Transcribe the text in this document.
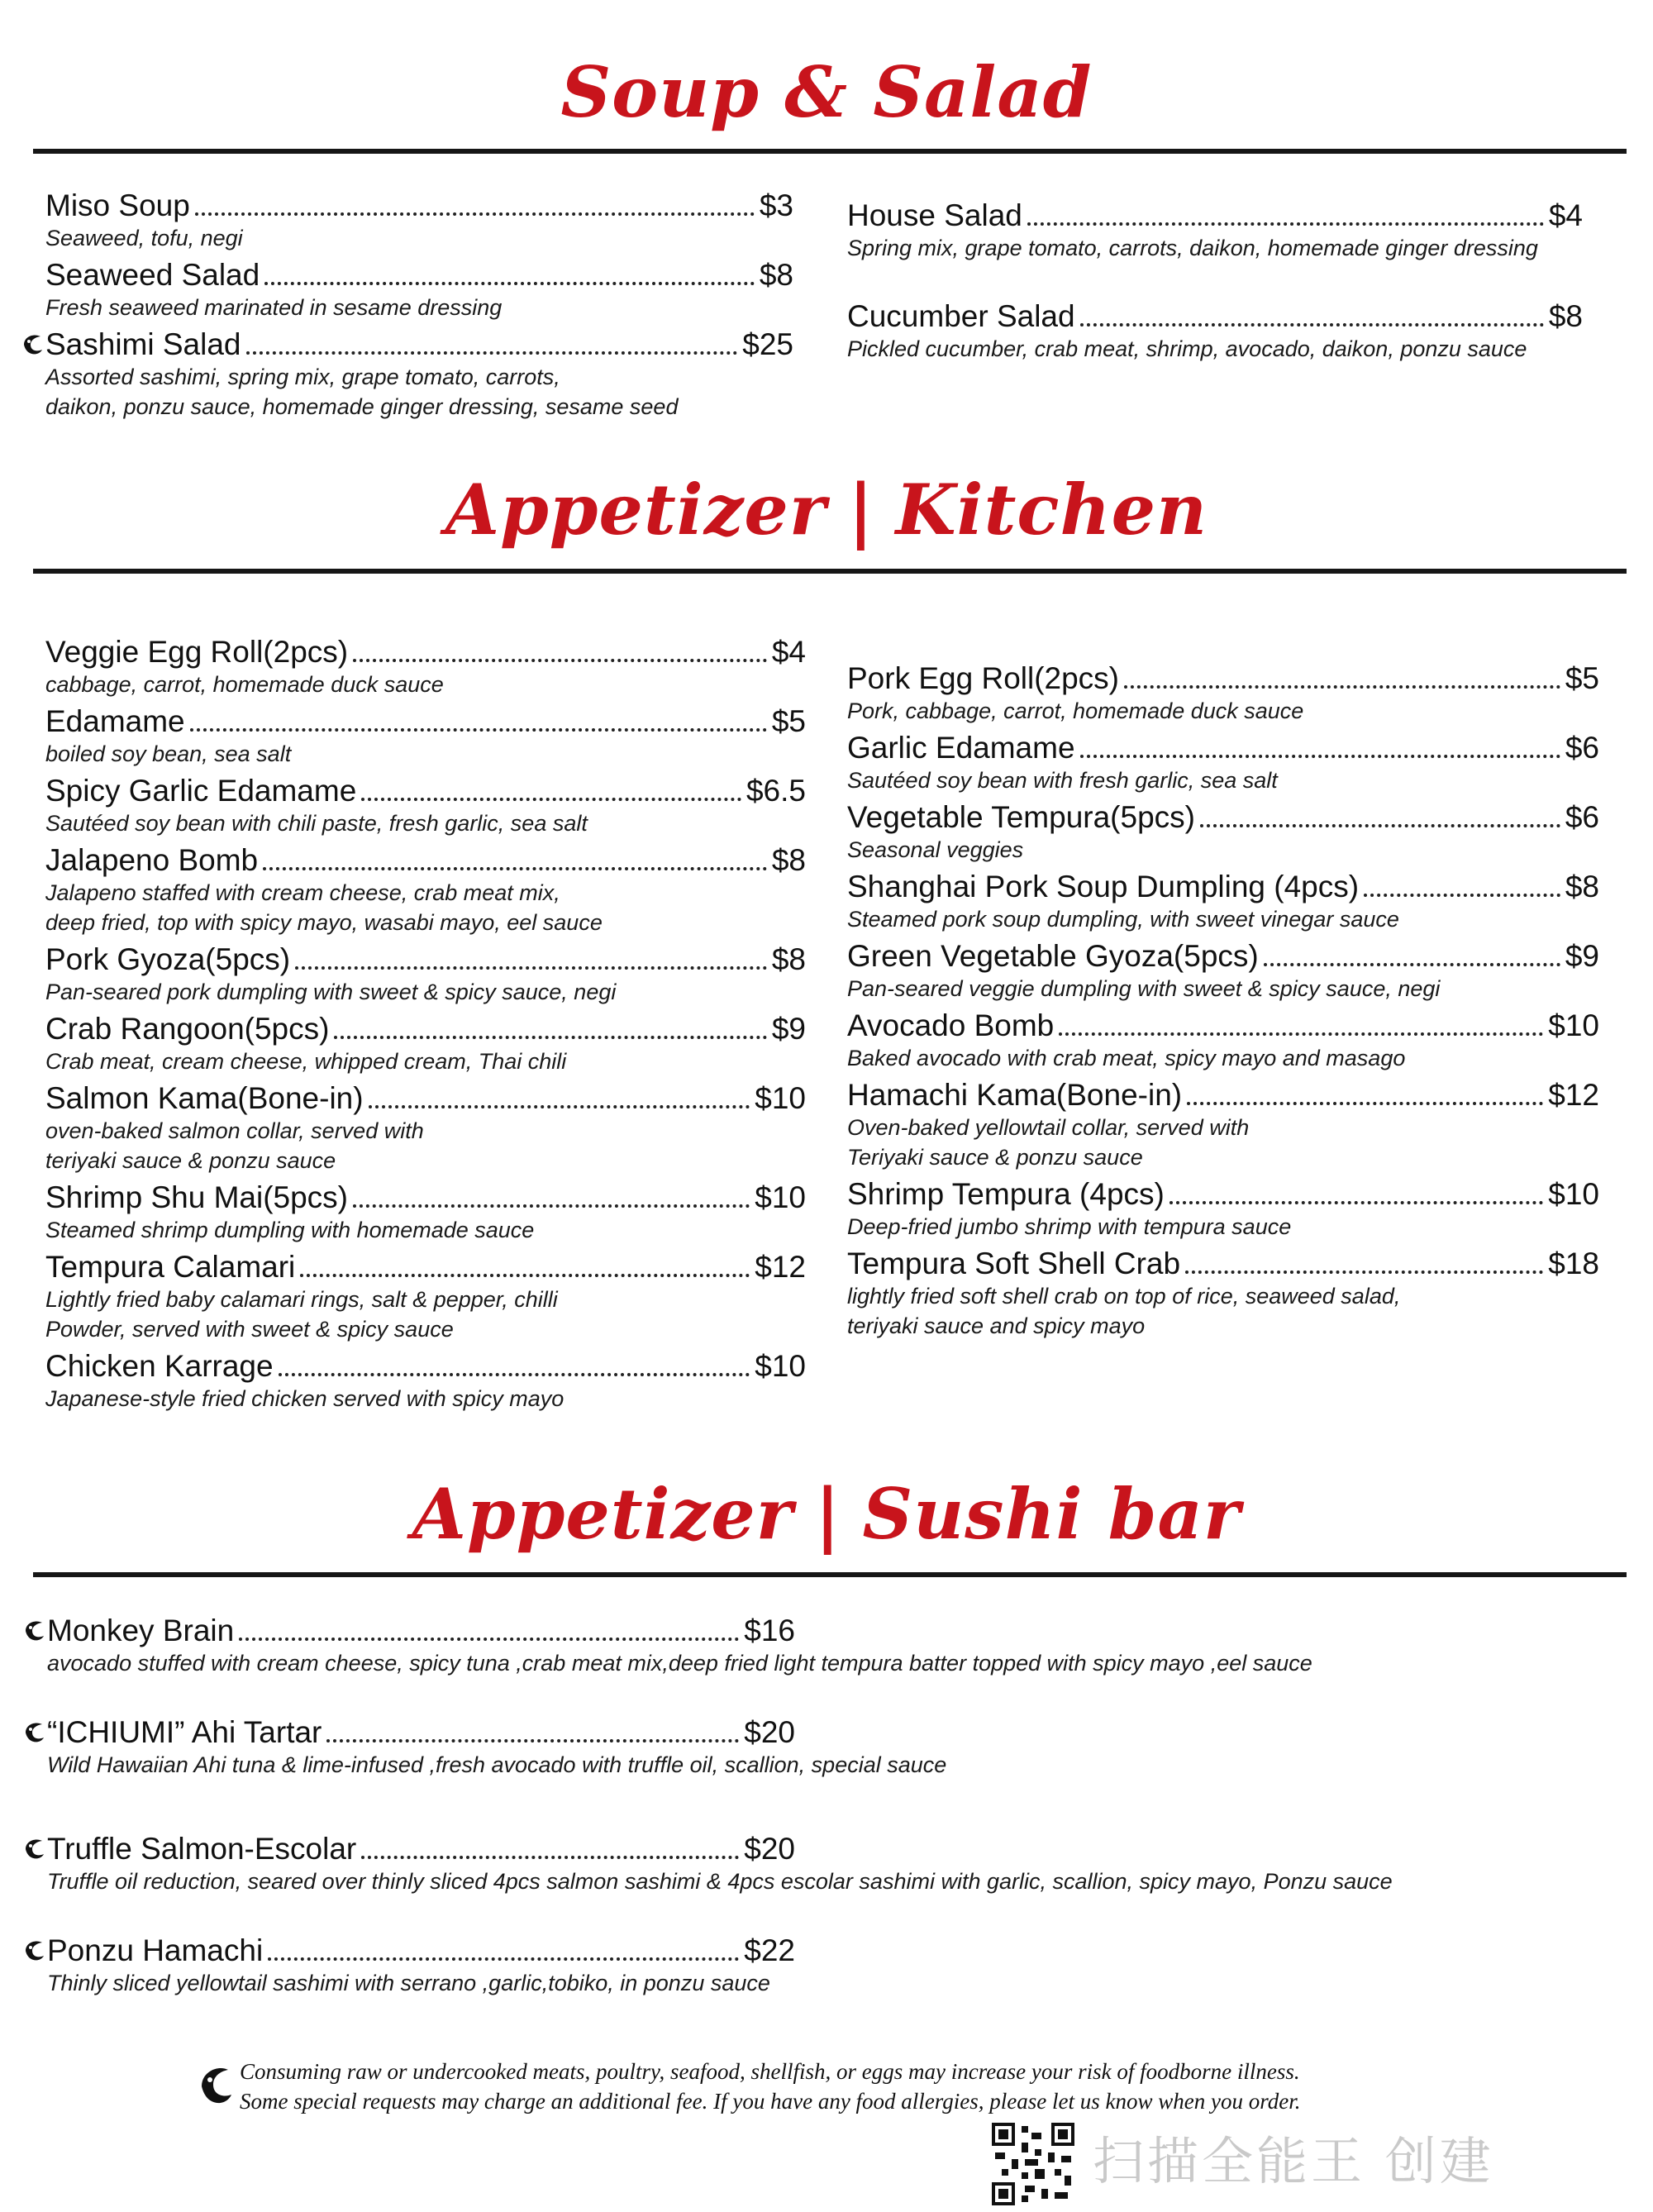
Soup & Salad
Miso Soup	$3
Seaweed, tofu, negi
Seaweed Salad	$8
Fresh seaweed marinated in sesame dressing
Sashimi Salad	$25
Assorted sashimi, spring mix, grape tomato, carrots,
daikon, ponzu sauce, homemade ginger dressing, sesame seed
House Salad	$4
Spring mix, grape tomato, carrots, daikon, homemade ginger dressing
Cucumber Salad	$8
Pickled cucumber, crab meat, shrimp, avocado, daikon, ponzu sauce
Appetizer | Kitchen
Veggie Egg Roll(2pcs)	$4
cabbage, carrot, homemade duck sauce
Edamame	$5
boiled soy bean, sea salt
Spicy Garlic Edamame	$6.5
Sautéed soy bean with chili paste, fresh garlic, sea salt
Jalapeno Bomb	$8
Jalapeno staffed with cream cheese, crab meat mix,
deep fried, top with spicy mayo, wasabi mayo, eel sauce
Pork Gyoza(5pcs)	$8
Pan-seared pork dumpling with sweet & spicy sauce, negi
Crab Rangoon(5pcs)	$9
Crab meat, cream cheese, whipped cream, Thai chili
Salmon Kama(Bone-in)	$10
oven-baked salmon collar, served with
teriyaki sauce & ponzu sauce
Shrimp Shu Mai(5pcs)	$10
Steamed shrimp dumpling with homemade sauce
Tempura Calamari	$12
Lightly fried baby calamari rings, salt & pepper, chilli
Powder, served with sweet & spicy sauce
Chicken Karrage	$10
Japanese-style fried chicken served with spicy mayo
Pork Egg Roll(2pcs)	$5
Pork, cabbage, carrot, homemade duck sauce
Garlic Edamame	$6
Sautéed soy bean with fresh garlic, sea salt
Vegetable Tempura(5pcs)	$6
Seasonal veggies
Shanghai Pork Soup Dumpling (4pcs)	$8
Steamed pork soup dumpling, with sweet vinegar sauce
Green Vegetable Gyoza(5pcs)	$9
Pan-seared veggie dumpling with sweet & spicy sauce, negi
Avocado Bomb	$10
Baked avocado with crab meat, spicy mayo and masago
Hamachi Kama(Bone-in)	$12
Oven-baked yellowtail collar, served with
Teriyaki sauce & ponzu sauce
Shrimp Tempura (4pcs)	$10
Deep-fried jumbo shrimp with tempura sauce
Tempura Soft Shell Crab	$18
lightly fried soft shell crab on top of rice, seaweed salad,
teriyaki sauce and spicy mayo
Appetizer | Sushi bar
Monkey Brain	$16
avocado stuffed with cream cheese, spicy tuna ,crab meat mix,deep fried light tempura batter topped with spicy mayo ,eel sauce
“ICHIUMI” Ahi Tartar	$20
Wild Hawaiian Ahi tuna & lime-infused ,fresh avocado with truffle oil, scallion, special sauce
Truffle Salmon-Escolar	$20
Truffle oil reduction, seared over thinly sliced 4pcs salmon sashimi & 4pcs escolar sashimi with garlic, scallion, spicy mayo, Ponzu sauce
Ponzu Hamachi	$22
Thinly sliced yellowtail sashimi with serrano ,garlic,tobiko, in ponzu sauce
Consuming raw or undercooked meats, poultry, seafood, shellfish, or eggs may increase your risk of foodborne illness.
Some special requests may charge an additional fee. If you have any food allergies, please let us know when you order.
扫描全能王 创建
